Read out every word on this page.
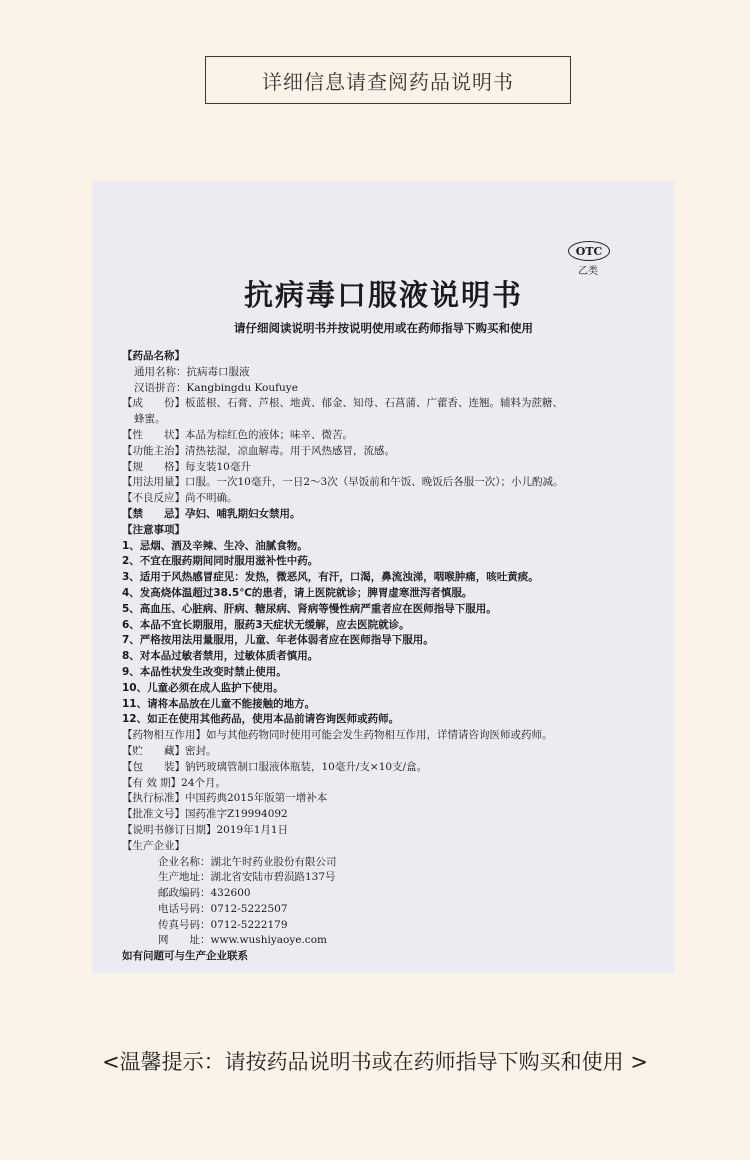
详细信息请查阅药品说明书
OTC
乙类
抗病毒口服液说明书
请仔细阅读说明书并按说明使用或在药师指导下购买和使用
【药品名称】
通用名称：抗病毒口服液
汉语拼音：Kangbingdu Koufuye
【成　　份】板蓝根、石膏、芦根、地黄、郁金、知母、石菖蒲、广藿香、连翘。辅料为蔗糖、
蜂蜜。
【性　　状】本品为棕红色的液体；味辛、微苦。
【功能主治】清热祛湿，凉血解毒。用于风热感冒，流感。
【规　　格】每支装10毫升
【用法用量】口服。一次10毫升，一日2～3次（早饭前和午饭、晚饭后各服一次）；小儿酌减。
【不良反应】尚不明确。
【禁　　忌】孕妇、哺乳期妇女禁用。
【注意事项】
1、忌烟、酒及辛辣、生冷、油腻食物。
2、不宜在服药期间同时服用滋补性中药。
3、适用于风热感冒症见：发热，微恶风，有汗，口渴，鼻流浊涕，咽喉肿痛，咳吐黄痰。
4、发高烧体温超过38.5℃的患者，请上医院就诊；脾胃虚寒泄泻者慎服。
5、高血压、心脏病、肝病、糖尿病、肾病等慢性病严重者应在医师指导下服用。
6、本品不宜长期服用，服药3天症状无缓解，应去医院就诊。
7、严格按用法用量服用，儿童、年老体弱者应在医师指导下服用。
8、对本品过敏者禁用，过敏体质者慎用。
9、本品性状发生改变时禁止使用。
10、儿童必须在成人监护下使用。
11、请将本品放在儿童不能接触的地方。
12、如正在使用其他药品，使用本品前请咨询医师或药师。
【药物相互作用】如与其他药物同时使用可能会发生药物相互作用，详情请咨询医师或药师。
【贮　　藏】密封。
【包　　装】钠钙玻璃管制口服液体瓶装，10毫升/支×10支/盒。
【有 效 期】24个月。
【执行标准】中国药典2015年版第一增补本
【批准文号】国药准字Z19994092
【说明书修订日期】2019年1月1日
【生产企业】
企业名称：湖北午时药业股份有限公司
生产地址：湖北省安陆市碧涢路137号
邮政编码：432600
电话号码：0712-5222507
传真号码：0712-5222179
网　　址：www.wushiyaoye.com
如有问题可与生产企业联系
<温馨提示：请按药品说明书或在药师指导下购买和使用 >
